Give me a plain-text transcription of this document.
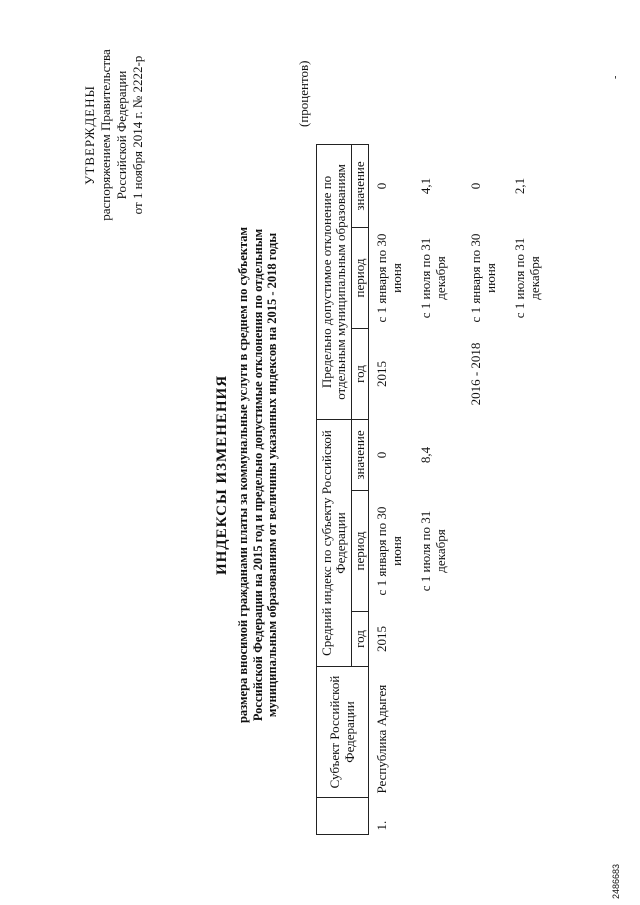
УТВЕРЖДЕНЫ распоряжением Правительства Российской Федерации от 1 ноября 2014 г. № 2222-р
ИНДЕКСЫ ИЗМЕНЕНИЯ размера вносимой гражданами платы за коммунальные услуги в среднем по субъектам Российской Федерации на 2015 год и предельно допустимые отклонения по отдельным муниципальным образованиям от величины указанных индексов на 2015 - 2018 годы
(процентов)
	Субъект Российской Федерации	Средний индекс по субъекту Российской Федерации			Предельно допустимое отклонение по отдельным муниципальным образованиям		
		год	период	значение	год	период	значение
1.	Республика Адыгея	2015	с 1 января по 30 июня	0	2015	с 1 января по 30 июня	0
			с 1 июля по 31 декабря	8,4		с 1 июля по 31 декабря	4,1
					2016 - 2018	с 1 января по 30 июня	0
						с 1 июля по 31 декабря	2,1
2486683
-
